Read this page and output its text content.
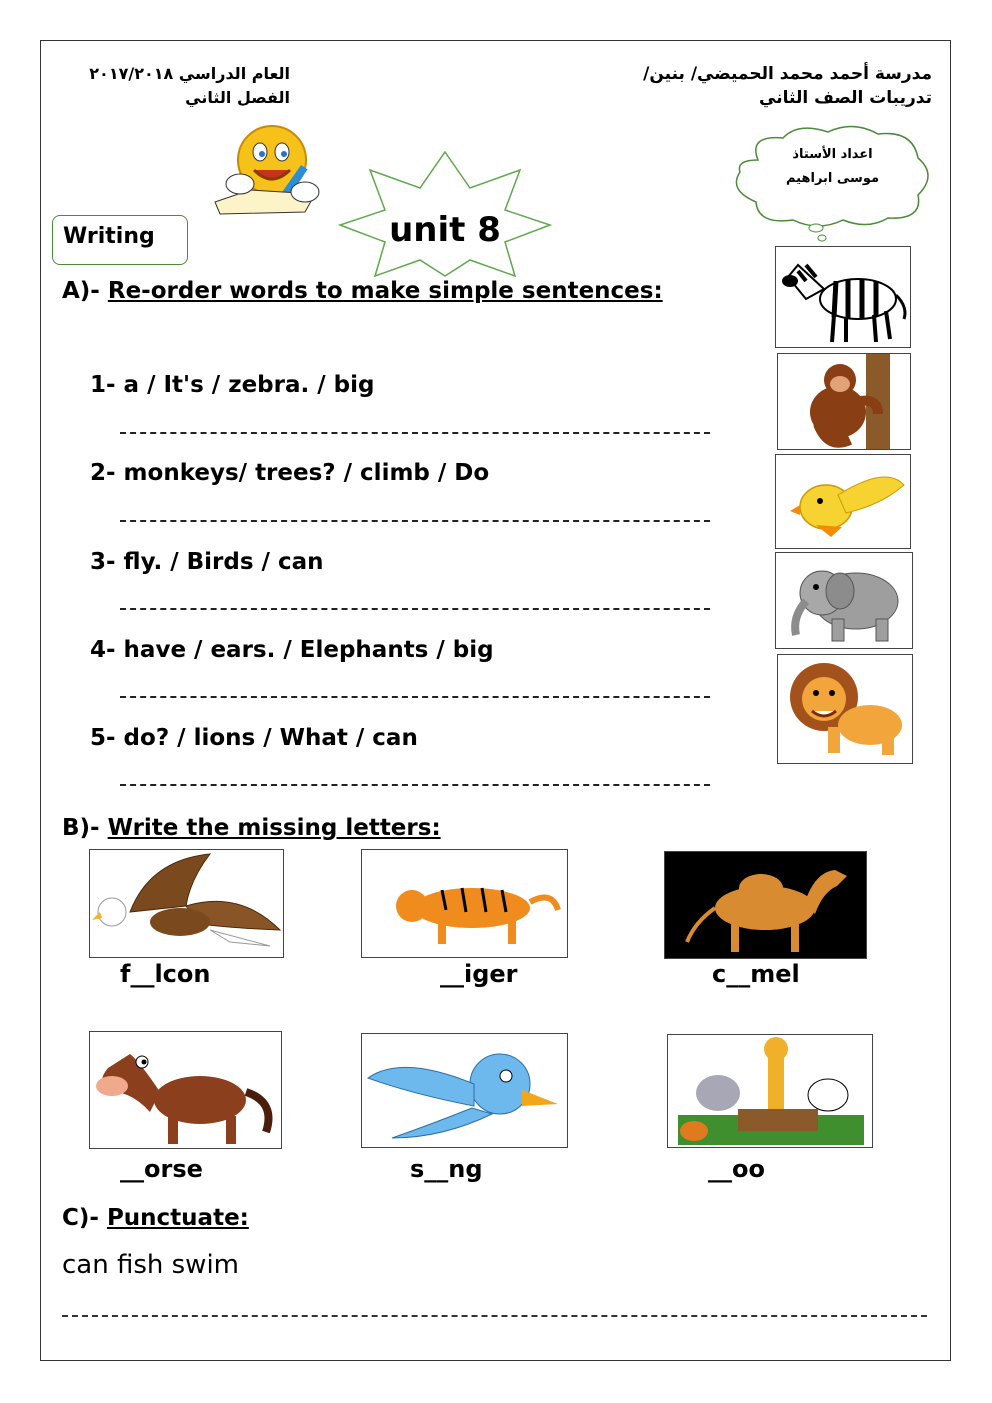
مدرسة أحمد محمد الحميضي/ بنين/
تدريبات الصف الثاني
العام الدراسي ٢٠١٧/٢٠١٨
الفصل الثاني
اعداد الأستاذ
موسى ابراهيم
Writing	unit 8
A)- Re-order words to make simple sentences:
1- a / It's / zebra. / big
2- monkeys/ trees? / climb / Do
3- fly. / Birds / can
4- have / ears. / Elephants / big
5- do? / lions / What / can
B)- Write the missing letters:
f__lcon	__iger	c__mel
__orse	s__ng	__oo
C)- Punctuate:
can fish swim
